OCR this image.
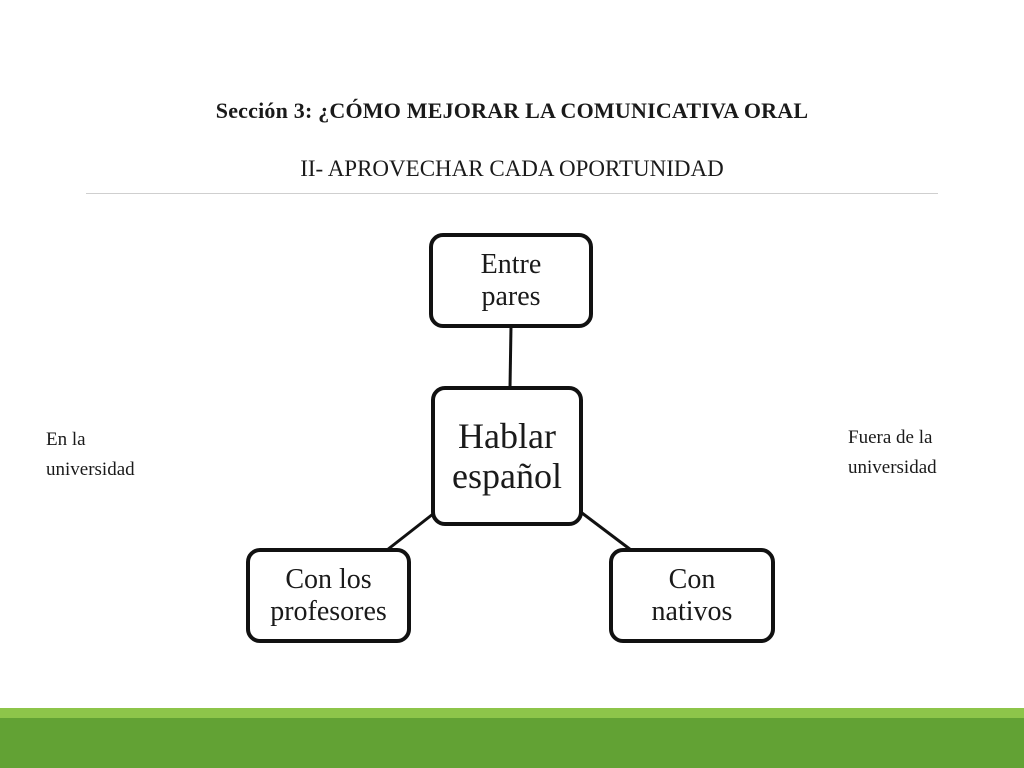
Sección 3: ¿CÓMO MEJORAR LA COMUNICATIVA ORAL
II- APROVECHAR CADA OPORTUNIDAD
En la
universidad
Fuera de la
universidad
Entre
pares
Hablar
español
Con los
profesores
Con
nativos
